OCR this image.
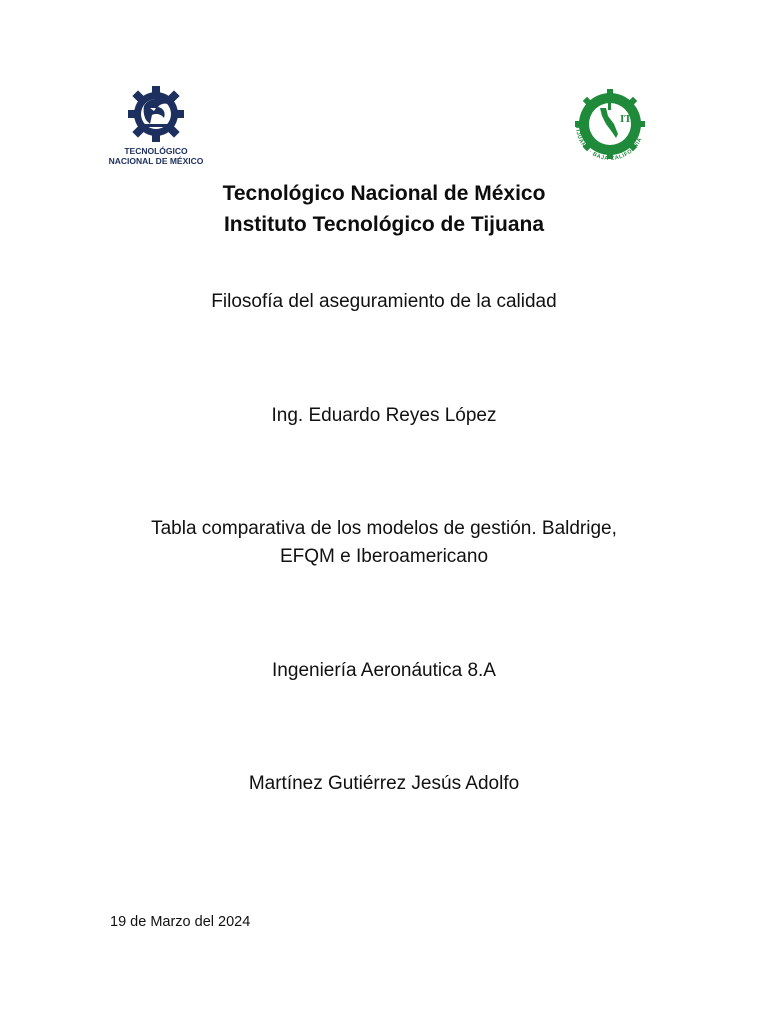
TECNOLÓGICO
NACIONAL DE MÉXICO
ITT
TIJUANA · BAJA CALIFORNIA
Tecnológico Nacional de México
Instituto Tecnológico de Tijuana
Filosofía del aseguramiento de la calidad
Ing. Eduardo Reyes López
Tabla comparativa de los modelos de gestión. Baldrige,
EFQM e Iberoamericano
Ingeniería Aeronáutica 8.A
Martínez Gutiérrez Jesús Adolfo
19 de Marzo del 2024
